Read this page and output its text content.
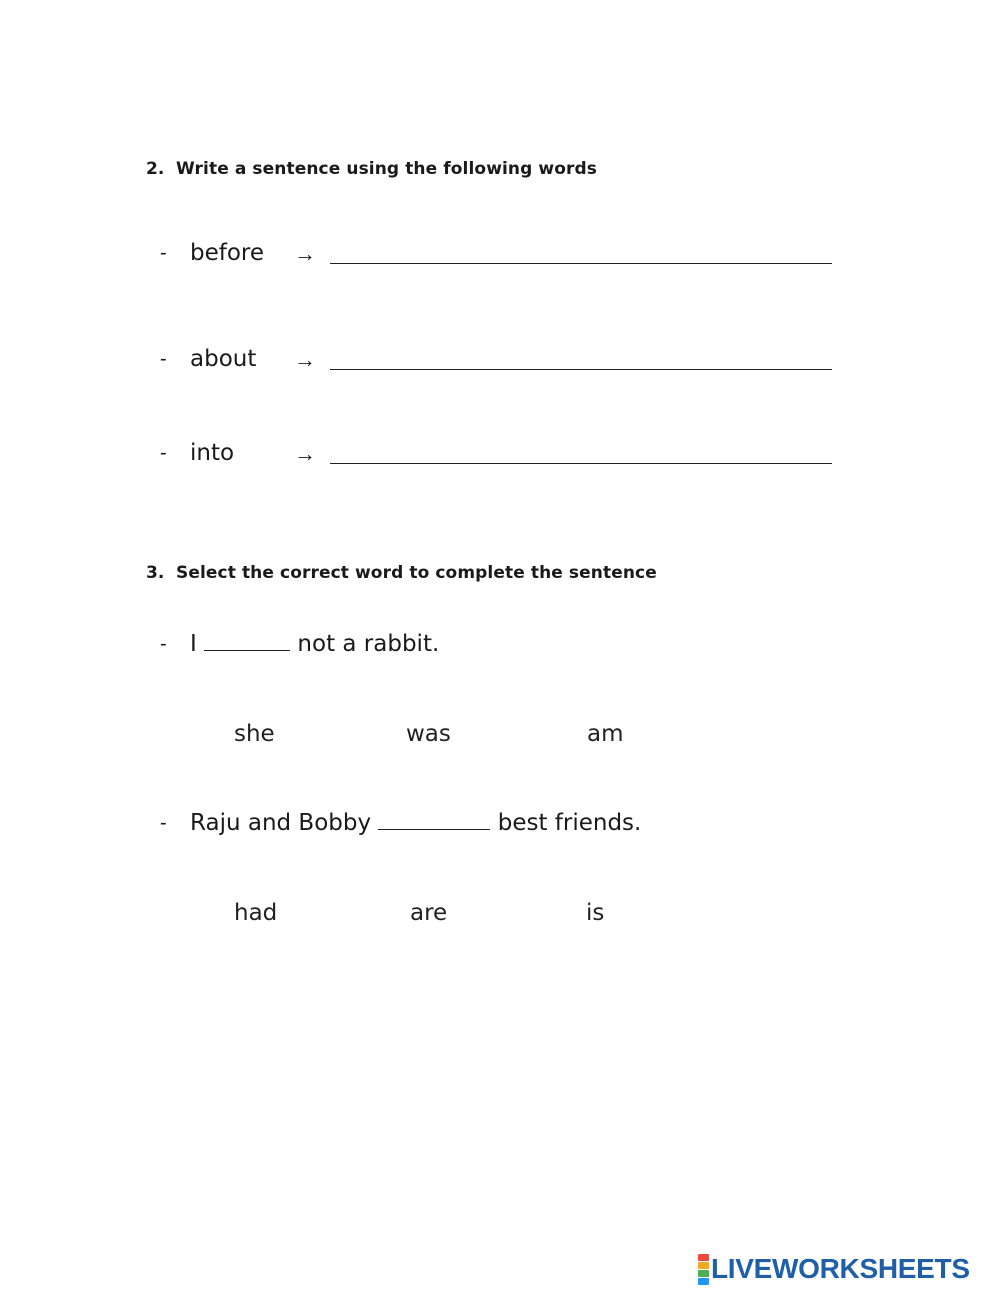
2. Write a sentence using the following words
- before →
- about →
- into	→
3. Select the correct word to complete the sentence
- I	not a rabbit.
she	was	am
- Raju and Bobby	best friends.
had	are	is
LIVEWORKSHEETS
